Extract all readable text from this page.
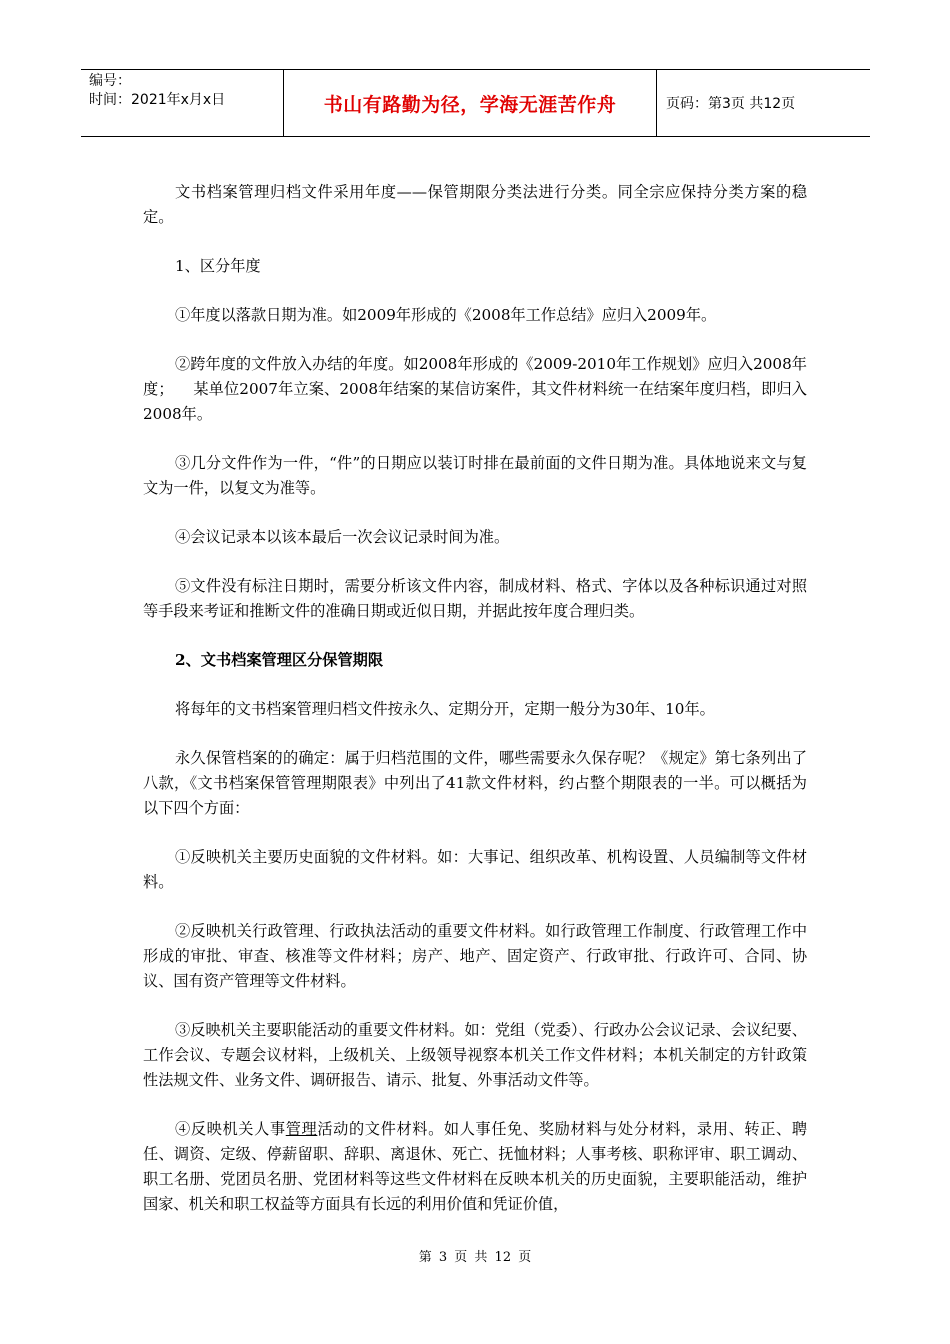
编号：
时间：2021年x月x日	书山有路勤为径，学海无涯苦作舟	页码：第3页 共12页

文书档案管理归档文件采用年度——保管期限分类法进行分类。同全宗应保持分类方案的稳定。

1、区分年度

①年度以落款日期为准。如2009年形成的《2008年工作总结》应归入2009年。

②跨年度的文件放入办结的年度。如2008年形成的《2009-2010年工作规划》应归入2008年度；    某单位2007年立案、2008年结案的某信访案件，其文件材料统一在结案年度归档，即归入2008年。

③几分文件作为一件，“件”的日期应以装订时排在最前面的文件日期为准。具体地说来文与复文为一件，以复文为准等。

④会议记录本以该本最后一次会议记录时间为准。

⑤文件没有标注日期时，需要分析该文件内容，制成材料、格式、字体以及各种标识通过对照等手段来考证和推断文件的准确日期或近似日期，并据此按年度合理归类。

2、文书档案管理区分保管期限

将每年的文书档案管理归档文件按永久、定期分开，定期一般分为30年、10年。

永久保管档案的的确定：属于归档范围的文件，哪些需要永久保存呢？《规定》第七条列出了八款，《文书档案保管管理期限表》中列出了41款文件材料，约占整个期限表的一半。可以概括为以下四个方面：

①反映机关主要历史面貌的文件材料。如：大事记、组织改革、机构设置、人员编制等文件材料。

②反映机关行政管理、行政执法活动的重要文件材料。如行政管理工作制度、行政管理工作中形成的审批、审查、核准等文件材料；房产、地产、固定资产、行政审批、行政许可、合同、协议、国有资产管理等文件材料。

③反映机关主要职能活动的重要文件材料。如：党组（党委）、行政办公会议记录、会议纪要、工作会议、专题会议材料，上级机关、上级领导视察本机关工作文件材料；本机关制定的方针政策性法规文件、业务文件、调研报告、请示、批复、外事活动文件等。

④反映机关人事管理活动的文件材料。如人事任免、奖励材料与处分材料，录用、转正、聘任、调资、定级、停薪留职、辞职、离退休、死亡、抚恤材料；人事考核、职称评审、职工调动、职工名册、党团员名册、党团材料等这些文件材料在反映本机关的历史面貌，主要职能活动，维护国家、机关和职工权益等方面具有长远的利用价值和凭证价值，

第 3 页 共 12 页
